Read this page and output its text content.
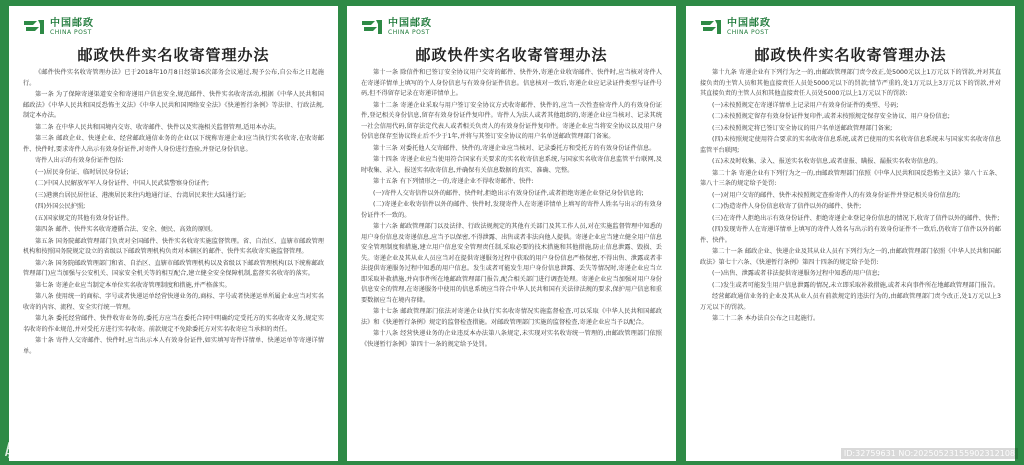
中国邮政
CHINA POST
邮政快件实名收寄管理办法

《邮件快件实名收寄管理办法》已于2018年10月8日经第16次部务会议通过,现予公布,自公布之日起施行。

第一条 为了保障寄递渠道安全和寄递用户信息安全,规范邮件、快件实名收寄活动,根据《中华人民共和国邮政法》《中华人民共和国反恐怖主义法》《中华人民共和国网络安全法》《快递暂行条例》等法律、行政法规,制定本办法。

第二条 在中华人民共和国境内交寄、收寄邮件、快件以及实施相关监督管理,适用本办法。

第三条 邮政企业、快递企业、经营邮政通信业务的企业(以下统称寄递企业)应当执行实名收寄,在收寄邮件、快件时,要求寄件人出示有效身份证件,对寄件人身份进行查验,并登记身份信息。

寄件人出示的有效身份证件包括:

(一)居民身份证、临时居民身份证;

(二)中国人民解放军军人身份证件、中国人民武装警察身份证件;

(三)港澳台居民居住证、港澳居民来往内地通行证、台湾居民来往大陆通行证;

(四)外国公民护照;

(五)国家规定的其他有效身份证件。

第四条 邮件、快件实名收寄遵循合法、安全、便民、高效的原则。

第五条 国务院邮政管理部门负责对全国邮件、快件实名收寄实施监督管理。省、自治区、直辖市邮政管理机构和按照国务院规定设立的省级以下邮政管理机构负责对本辖区的邮件、快件实名收寄实施监督管理。

第六条 国务院邮政管理部门和省、自治区、直辖市邮政管理机构以及省级以下邮政管理机构(以下统称邮政管理部门)应当加强与公安机关、国家安全机关等的相互配合,建立健全安全保障机制,监督实名收寄的落实。

第七条 寄递企业应当制定本单位实名收寄管理制度和措施,并严格落实。

第八条 使用统一的商标、字号或者快递运单经营快递业务的,商标、字号或者快递运单所属企业应当对实名收寄的内容、流程、安全实行统一管理。

第九条 委托经营邮件、快件收寄业务的,委托方应当在委托合同中明确约定受托方的实名收寄义务,规定实名收寄的作业规范,并对受托方进行实名收寄。前款规定不免除委托方对实名收寄应当承担的责任。

第十条 寄件人交寄邮件、快件时,应当出示本人有效身份证件,如实填写寄件详情单、快递运单等寄递详情单。

中国邮政
CHINA POST
邮政快件实名收寄管理办法

第十一条 除信件和已签订安全协议用户交寄的邮件、快件外,寄递企业收寄邮件、快件时,应当核对寄件人在寄递详情单上填写的个人身份信息与有效身份证件信息。信息核对一致后,寄递企业应记录证件类型与证件号码,但不得留存记录在寄递详情单上。

第十二条 寄递企业采取与用户签订安全协议方式收寄邮件、快件的,应当一次性查验寄件人的有效身份证件,登记相关身份信息,留存有效身份证件复印件。寄件人为法人或者其他组织的,寄递企业应当核对、记录其统一社会信用代码,留存法定代表人或者相关负责人的有效身份证件复印件。寄递企业应当将安全协议以及用户身份信息保存至协议终止后不少于1年,并将与其签订安全协议的用户名单送邮政管理部门备案。

第十三条 对委托他人交寄邮件、快件的,寄递企业应当核对、记录委托方和受托方的有效身份证件信息。

第十四条 寄递企业应当使用符合国家有关要求的实名收寄信息系统,与国家实名收寄信息监管平台联网,及时收集、录入、报送实名收寄信息,并确保有关信息数据的真实、准确、完整。

第十五条 有下列情形之一的,寄递企业不得收寄邮件、快件:

(一)寄件人交寄信件以外的邮件、快件时,拒绝出示有效身份证件,或者拒绝寄递企业登记身份信息的;

(二)寄递企业收寄信件以外的邮件、快件时,发现寄件人在寄递详情单上填写的寄件人姓名与出示的有效身份证件不一致的。

第十六条 邮政管理部门以及法律、行政法规规定的其他有关部门及其工作人员,对在实施监督管理中知悉的用户身份信息及寄递信息,应当予以保密,不得泄露、出售或者非法向他人提供。寄递企业应当建立健全用户信息安全管理制度和措施,建立用户信息安全管理责任制,采取必要的技术措施和其他措施,防止信息泄露、毁损、丢失。寄递企业及其从业人员应当对在提供寄递服务过程中获取的用户身份信息严格保密,不得出售、泄露或者非法提供寄递服务过程中知悉的用户信息。发生或者可能发生用户身份信息泄露、丢失等情况时,寄递企业应当立即采取补救措施,并向事件所在地邮政管理部门报告,配合相关部门进行调查处理。寄递企业应当加强对用户身份信息安全的管理,在寄递服务中使用的信息系统应当符合中华人民共和国有关法律法规的要求,保护用户信息和重要数据应当在境内存储。

第十七条 邮政管理部门依法对寄递企业执行实名收寄情况实施监督检查,可以采取《中华人民共和国邮政法》和《快递暂行条例》规定的监督检查措施。对邮政管理部门实施的监督检查,寄递企业应当予以配合。

第十八条 经营快递业务的企业违反本办法第八条规定,未实现对实名收寄统一管理的,由邮政管理部门依照《快递暂行条例》第四十一条的规定给予处罚。

中国邮政
CHINA POST
邮政快件实名收寄管理办法

第十九条 寄递企业有下列行为之一的,由邮政管理部门责令改正,处5000元以上1万元以下的罚款,并对其直接负责的主管人员和其他直接责任人员处5000元以下的罚款;情节严重的,处1万元以上3万元以下的罚款,并对其直接负责的主管人员和其他直接责任人员处5000元以上1万元以下的罚款:

(一)未按照规定在寄递详情单上记录用户有效身份证件的类型、号码;

(二)未按照规定留存有效身份证件复印件,或者未按照规定保存安全协议、用户身份信息;

(三)未按照规定将已签订安全协议的用户名单送邮政管理部门备案;

(四)未按照规定使用符合要求的实名收寄信息系统,或者已使用的实名收寄信息系统未与国家实名收寄信息监管平台联网;

(五)未及时收集、录入、报送实名收寄信息,或者虚报、瞒报、漏报实名收寄信息的。

第二十条 寄递企业有下列行为之一的,由邮政管理部门依照《中华人民共和国反恐怖主义法》第八十五条、第八十三条的规定给予处罚:

(一)对用户交寄的邮件、快件未按照规定查验寄件人的有效身份证件并登记相关身份信息的;

(二)伪造寄件人身份信息收寄了信件以外的邮件、快件;

(三)在寄件人拒绝出示有效身份证件、拒绝寄递企业登记身份信息的情况下,收寄了信件以外的邮件、快件;

(四)发现寄件人在寄递详情单上填写的寄件人姓名与出示的有效身份证件不一致后,仍收寄了信件以外的邮件、快件。

第二十一条 邮政企业、快递企业及其从业人员有下列行为之一的,由邮政管理部门依照《中华人民共和国邮政法》第七十六条、《快递暂行条例》第四十四条的规定给予处罚:

(一)出售、泄露或者非法提供寄递服务过程中知悉的用户信息;

(二)发生或者可能发生用户信息泄露的情况,未立即采取补救措施,或者未向事件所在地邮政管理部门报告。

经营邮政通信业务的企业及其从业人员有前款规定的违法行为的,由邮政管理部门责令改正,处1万元以上3万元以下的罚款。

第二十二条 本办法自公布之日起施行。

昵享网	ID:32759631 NO:20250523155902312108
